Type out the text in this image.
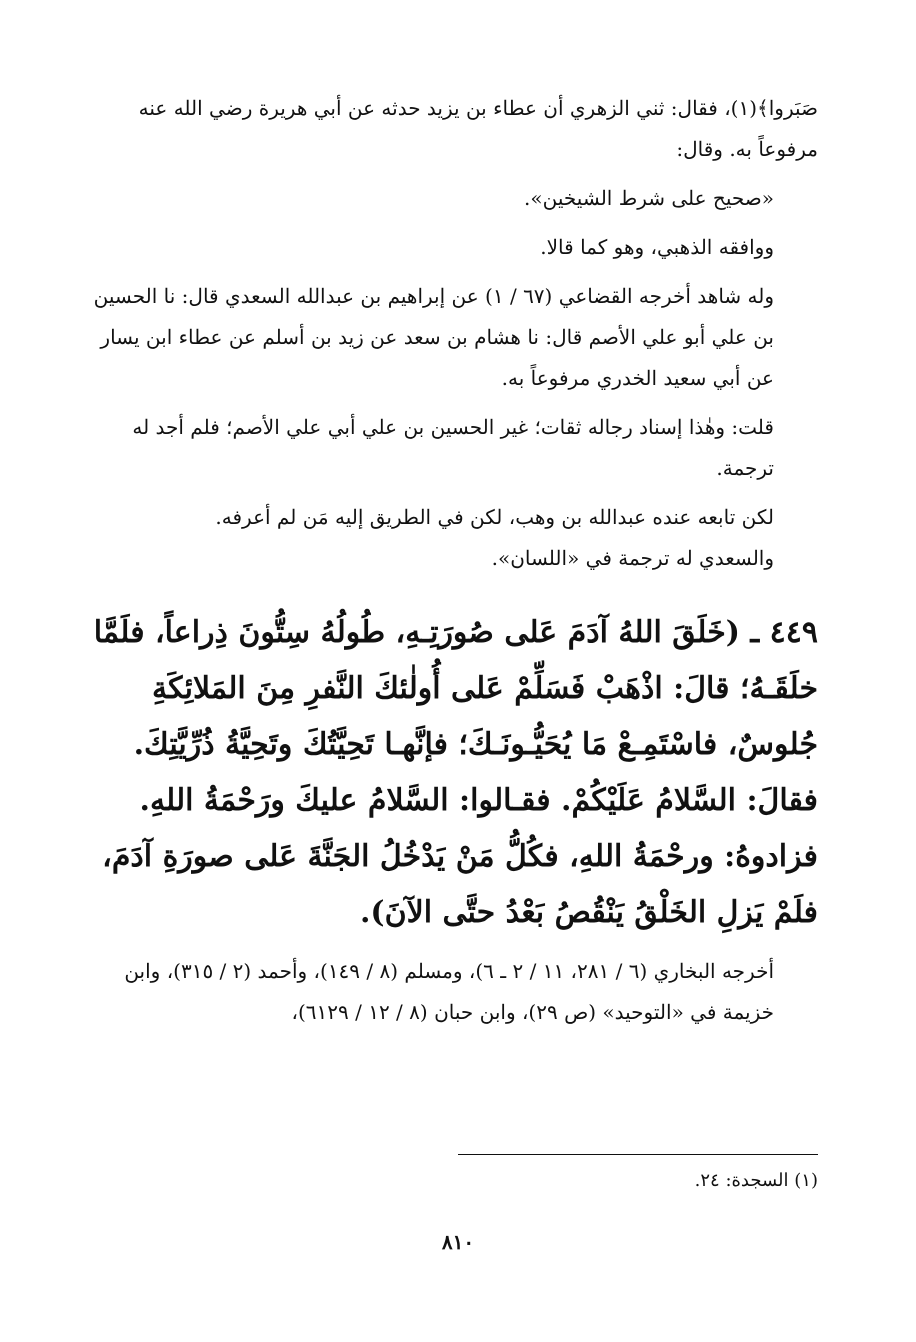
صَبَروا﴾(١)، فقال: ثني الزهري أن عطاء بن يزيد حدثه عن أبي هريرة رضي الله عنه مرفوعاً به. وقال:

«صحيح على شرط الشيخين».

ووافقه الذهبي، وهو كما قالا.

وله شاهد أخرجه القضاعي (٦٧ / ١) عن إبراهيم بن عبدالله السعدي قال: نا الحسين بن علي أبو علي الأصم قال: نا هشام بن سعد عن زيد بن أسلم عن عطاء ابن يسار عن أبي سعيد الخدري مرفوعاً به.

قلت: وهٰذا إسناد رجاله ثقات؛ غير الحسين بن علي أبي علي الأصم؛ فلم أجد له ترجمة.

لكن تابعه عنده عبدالله بن وهب، لكن في الطريق إليه مَن لم أعرفه.

والسعدي له ترجمة في «اللسان».

٤٤٩ ـ (خَلَقَ اللهُ آدَمَ عَلى صُورَتِـهِ، طُولُهُ سِتُّونَ ذِراعاً، فلَمَّا خلَقَـهُ؛ قالَ: اذْهَبْ فَسَلِّمْ عَلى أُولٰئكَ النَّفرِ مِنَ المَلائِكَةِ جُلوسٌ، فاسْتَمِـعْ مَا يُحَيُّـونَـكَ؛ فإنَّهـا تَحِيَّتُكَ وتَحِيَّةُ ذُرِّيَّتِكَ. فقالَ: السَّلامُ عَلَيْكُمْ. فقـالوا: السَّلامُ عليكَ ورَحْمَةُ اللهِ. فزادوهُ: ورحْمَةُ اللهِ، فكُلُّ مَنْ يَدْخُلُ الجَنَّةَ عَلى صورَةِ آدَمَ، فلَمْ يَزلِ الخَلْقُ يَنْقُصُ بَعْدُ حتَّى الآنَ).

أخرجه البخاري (٦ / ٢٨١، ١١ / ٢ ـ ٦)، ومسلم (٨ / ١٤٩)، وأحمد (٢ / ٣١٥)، وابن خزيمة في «التوحيد» (ص ٢٩)، وابن حبان (٨ / ١٢ / ٦١٢٩)،

(١) السجدة: ٢٤.
٨١٠
